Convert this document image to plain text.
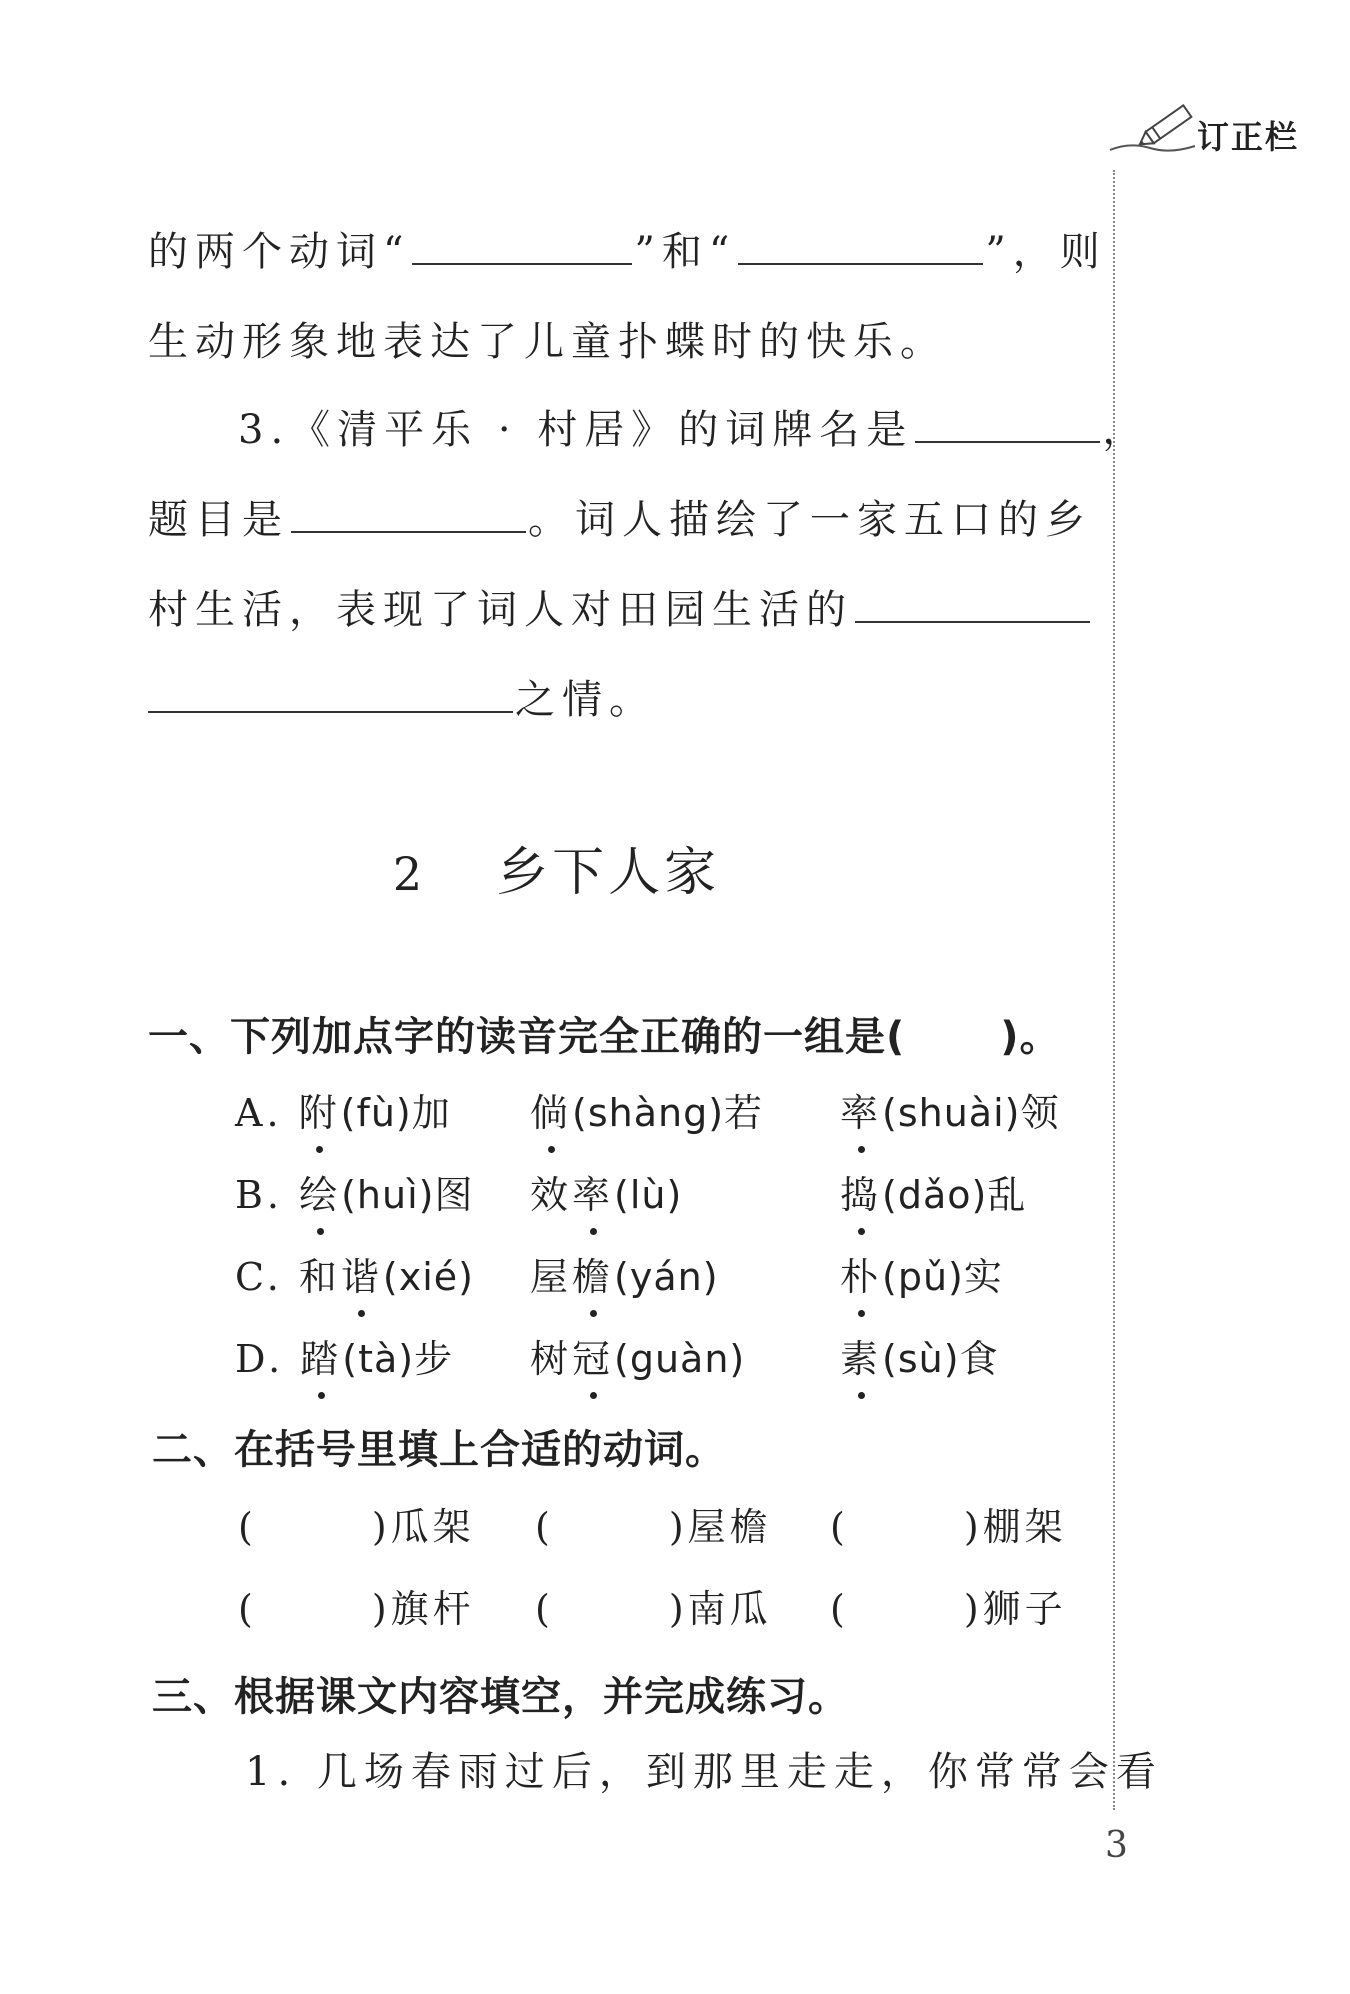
订正栏
的两个动词“	”和“	”，则
生动形象地表达了儿童扑蝶时的快乐。
3.《清平乐 · 村居》的词牌名是	，
题目是	。词人描绘了一家五口的乡
村生活，表现了词人对田园生活的
之情。
2 乡下人家
一、下列加点字的读音完全正确的一组是( )。
A. 附(fù)加 倘(shàng)若 率(shuài)领
B. 绘(huì)图 效率(lù)	捣(dǎo)乱
C. 和谐(xié) 屋檐(yán)	朴(pǔ)实
D. 踏(tà)步 树冠(guàn) 素(sù)食
二、在括号里填上合适的动词。
(	)瓜架 (	)屋檐 (	)棚架
(	)旗杆 (	)南瓜 (	)狮子
三、根据课文内容填空，并完成练习。
1. 几场春雨过后，到那里走走，你常常会看
3
